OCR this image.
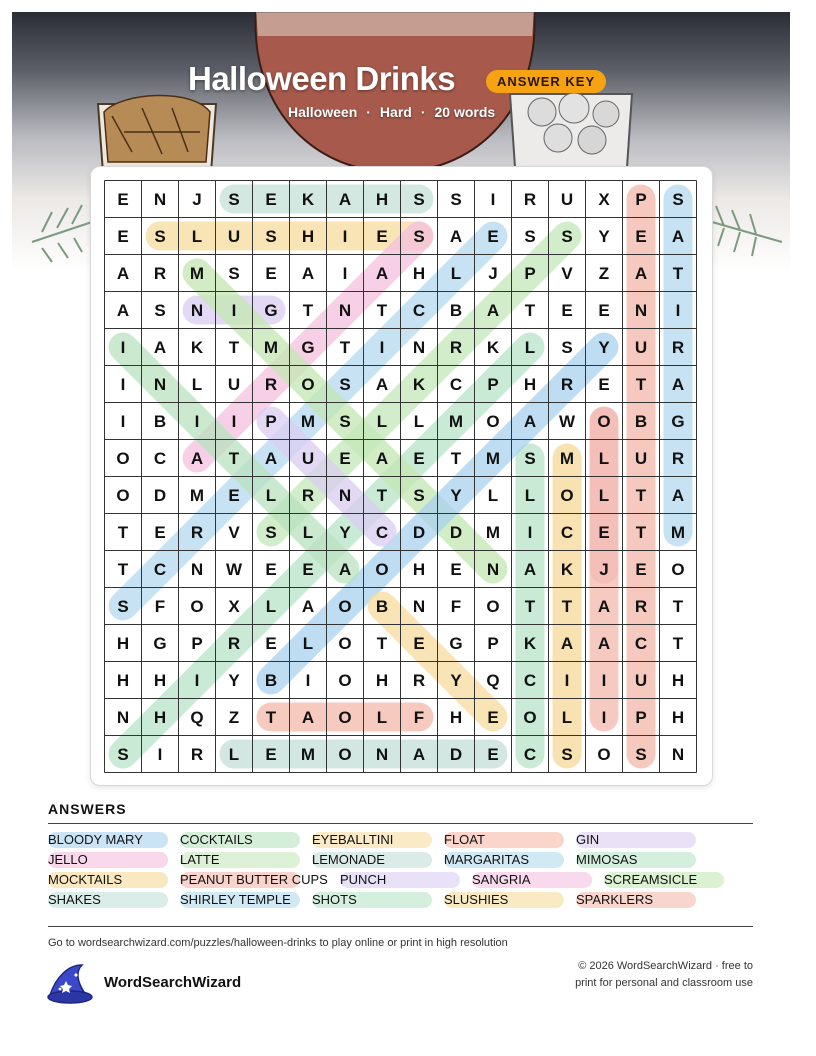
Halloween Drinks	ANSWER KEY
Halloween · Hard · 20 words
E N J S E K A H S S I R U X P S
E S L U S H I E S A E S S Y E A
A R M S E A I A H L J P V Z A T
A S N I G T N T C B A T E E N I
I A K T M G T I N R K L S Y U R
I N L U R O S A K C P H R E T A
I B I I P M S L L M O A W O B G
O C A T A U E A E T M S M L U R
O D M E L R N T S Y L L O L T A
T E R V S L Y C D D M I C E T M
T C N W E E A O H E N A K J E O
S F O X L A O B N F O T T A R T
H G P R E L O T E G P K A A C T
H H I Y B I O H R Y Q C I I U H
N H Q Z T A O L F H E O L I P H
S I R L E M O N A D E C S O S N
ANSWERS
BLOODY MARY	COCKTAILS	EYEBALLTINI	FLOAT	GIN
JELLO	LATTE	LEMONADE	MARGARITAS	MIMOSAS
MOCKTAILS	PEANUT BUTTER CUPS PUNCH	SANGRIA	SCREAMSICLE
SHAKES	SHIRLEY TEMPLE SHOTS	SLUSHIES	SPARKLERS
Go to wordsearchwizard.com/puzzles/halloween-drinks to play online or print in high resolution
WordSearchWizard
© 2026 WordSearchWizard · free to print for personal and classroom use
